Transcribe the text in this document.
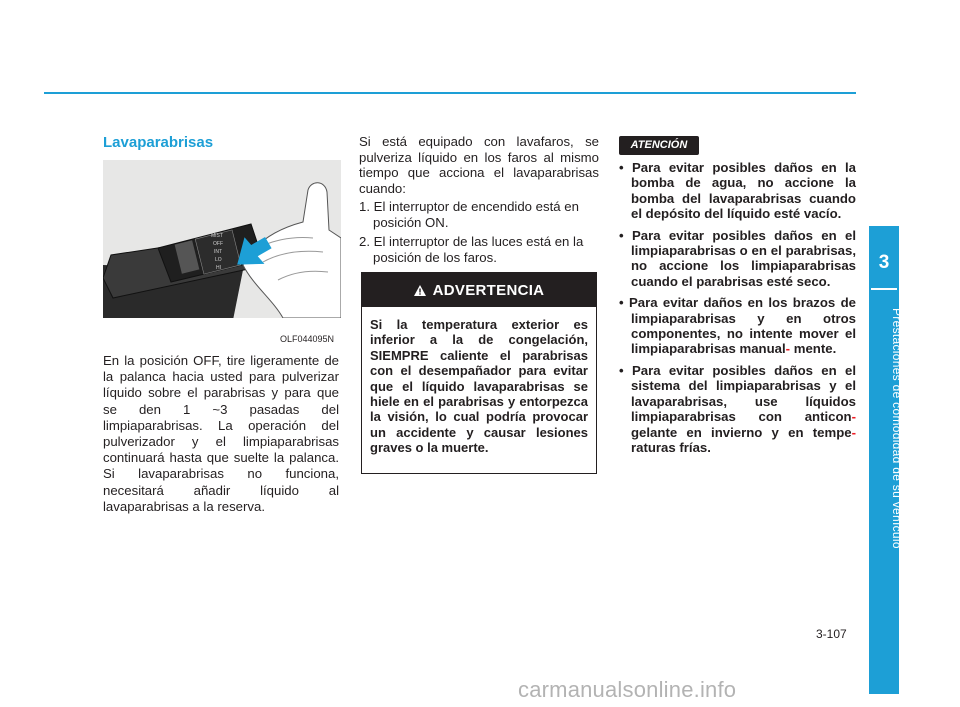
3
Prestaciones de comodidad de su vehículo
Lavaparabrisas
MIST
OFF
INT
LO
HI
OLF044095N

En la posición OFF, tire ligeramente de la palanca hacia usted para pulverizar líquido sobre el parabrisas y para que se den 1 ~3 pasadas del limpiaparabrisas. La operación del pulverizador y el limpiaparabrisas continuará hasta que suelte la palanca. Si lavaparabrisas no funciona, necesitará añadir líquido al lavaparabrisas a la reserva.

Si está equipado con lavafaros, se pulveriza líquido en los faros al mismo tiempo que acciona el lavaparabrisas cuando:

1. El interruptor de encendido está en posición ON.
2. El interruptor de las luces está en la posición de los faros.
ADVERTENCIA

Si la temperatura exterior es inferior a la de congelación, SIEMPRE caliente el parabrisas con el desempañador para evitar que el líquido lavaparabrisas se hiele en el parabrisas y entorpezca la visión, lo cual podría provocar un accidente y causar lesiones graves o la muerte.

ATENCIÓN
• Para evitar posibles daños en la bomba de agua, no accione la bomba del lavaparabrisas cuando el depósito del líquido esté vacío.
• Para evitar posibles daños en el limpiaparabrisas o en el parabrisas, no accione los limpiaparabrisas cuando el parabrisas esté seco.
• Para evitar daños en los brazos de limpiaparabrisas y en otros componentes, no intente mover el limpiaparabrisas manual- mente.
• Para evitar posibles daños en el sistema del limpiaparabrisas y el lavaparabrisas, use líquidos limpiaparabrisas con anticon- gelante en invierno y en tempe- raturas frías.
3-107
carmanualsonline.info
